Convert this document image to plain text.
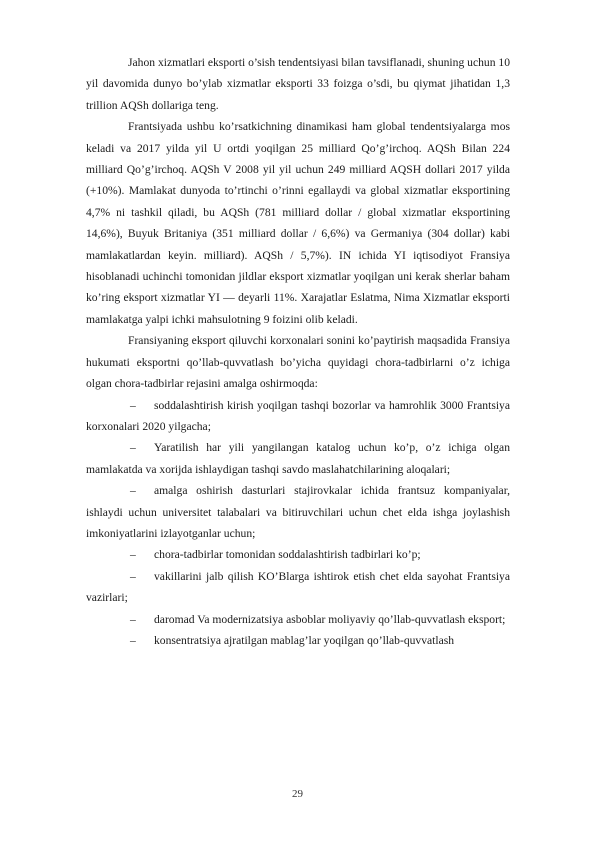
Jahon xizmatlari eksporti o’sish tendentsiyasi bilan tavsiflanadi, shuning uchun 10 yil davomida dunyo bo’ylab xizmatlar eksporti 33 foizga o’sdi, bu qiymat jihatidan 1,3 trillion AQSh dollariga teng.

Frantsiyada ushbu ko’rsatkichning dinamikasi ham global tendentsiyalarga mos keladi va 2017 yilda yil U ortdi yoqilgan 25 milliard Qo’g’irchoq. AQSh Bilan 224 milliard Qo’g’irchoq. AQSh V 2008 yil yil uchun 249 milliard AQSH dollari 2017 yilda (+10%). Mamlakat dunyoda to’rtinchi o’rinni egallaydi va global xizmatlar eksportining 4,7% ni tashkil qiladi, bu AQSh (781 milliard dollar / global xizmatlar eksportining 14,6%), Buyuk Britaniya (351 milliard dollar / 6,6%) va Germaniya (304 dollar) kabi mamlakatlardan keyin. milliard). AQSh / 5,7%). IN ichida YI iqtisodiyot Fransiya hisoblanadi uchinchi tomonidan jildlar eksport xizmatlar yoqilgan uni kerak sherlar baham ko’ring eksport xizmatlar YI — deyarli 11%. Xarajatlar Eslatma, Nima Xizmatlar eksporti mamlakatga yalpi ichki mahsulotning 9 foizini olib keladi.

Fransiyaning eksport qiluvchi korxonalari sonini ko’paytirish maqsadida Fransiya hukumati eksportni qo’llab-quvvatlash bo’yicha quyidagi chora-tadbirlarni o’z ichiga olgan chora-tadbirlar rejasini amalga oshirmoqda:

– soddalashtirish kirish yoqilgan tashqi bozorlar va hamrohlik 3000 Frantsiya korxonalari 2020 yilgacha;

– Yaratilish har yili yangilangan katalog uchun ko’p, o’z ichiga olgan mamlakatda va xorijda ishlaydigan tashqi savdo maslahatchilarining aloqalari;

– amalga oshirish dasturlari stajirovkalar ichida frantsuz kompaniyalar, ishlaydi uchun universitet talabalari va bitiruvchilari uchun chet elda ishga joylashish imkoniyatlarini izlayotganlar uchun;

– chora-tadbirlar tomonidan soddalashtirish tadbirlari ko’p;

– vakillarini jalb qilish KO’Blarga ishtirok etish chet elda sayohat Frantsiya vazirlari;

– daromad Va modernizatsiya asboblar moliyaviy qo’llab-quvvatlash eksport;

– konsentratsiya ajratilgan mablag’lar yoqilgan qo’llab-quvvatlash

29
